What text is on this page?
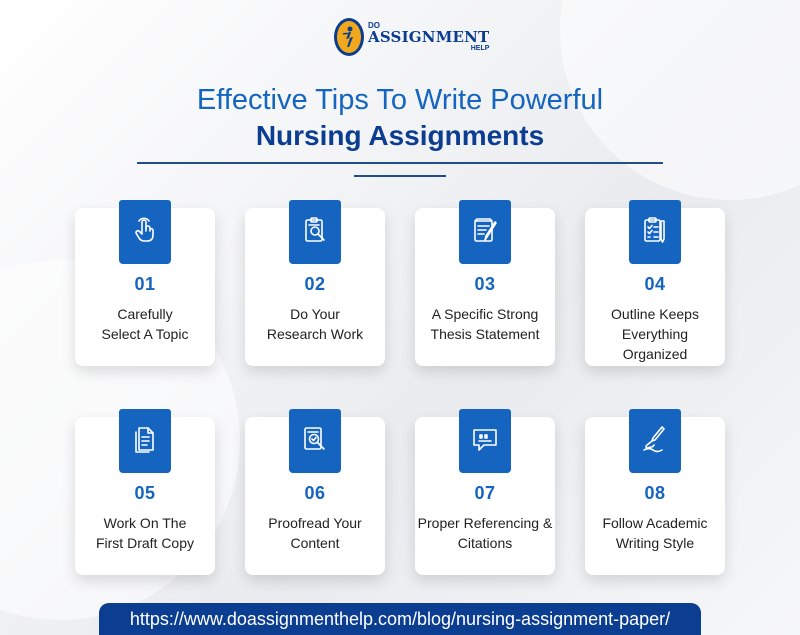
DO
ASSIGNMENT
HELP
Effective Tips To Write Powerful
Nursing Assignments
01
Carefully Select A Topic
02
Do Your Research Work
03
A Specific Strong Thesis Statement
04
Outline Keeps Everything Organized
05
Work On The First Draft Copy
06
Proofread Your Content
07
Proper Referencing & Citations
08
Follow Academic Writing Style
https://www.doassignmenthelp.com/blog/nursing-assignment-paper/
